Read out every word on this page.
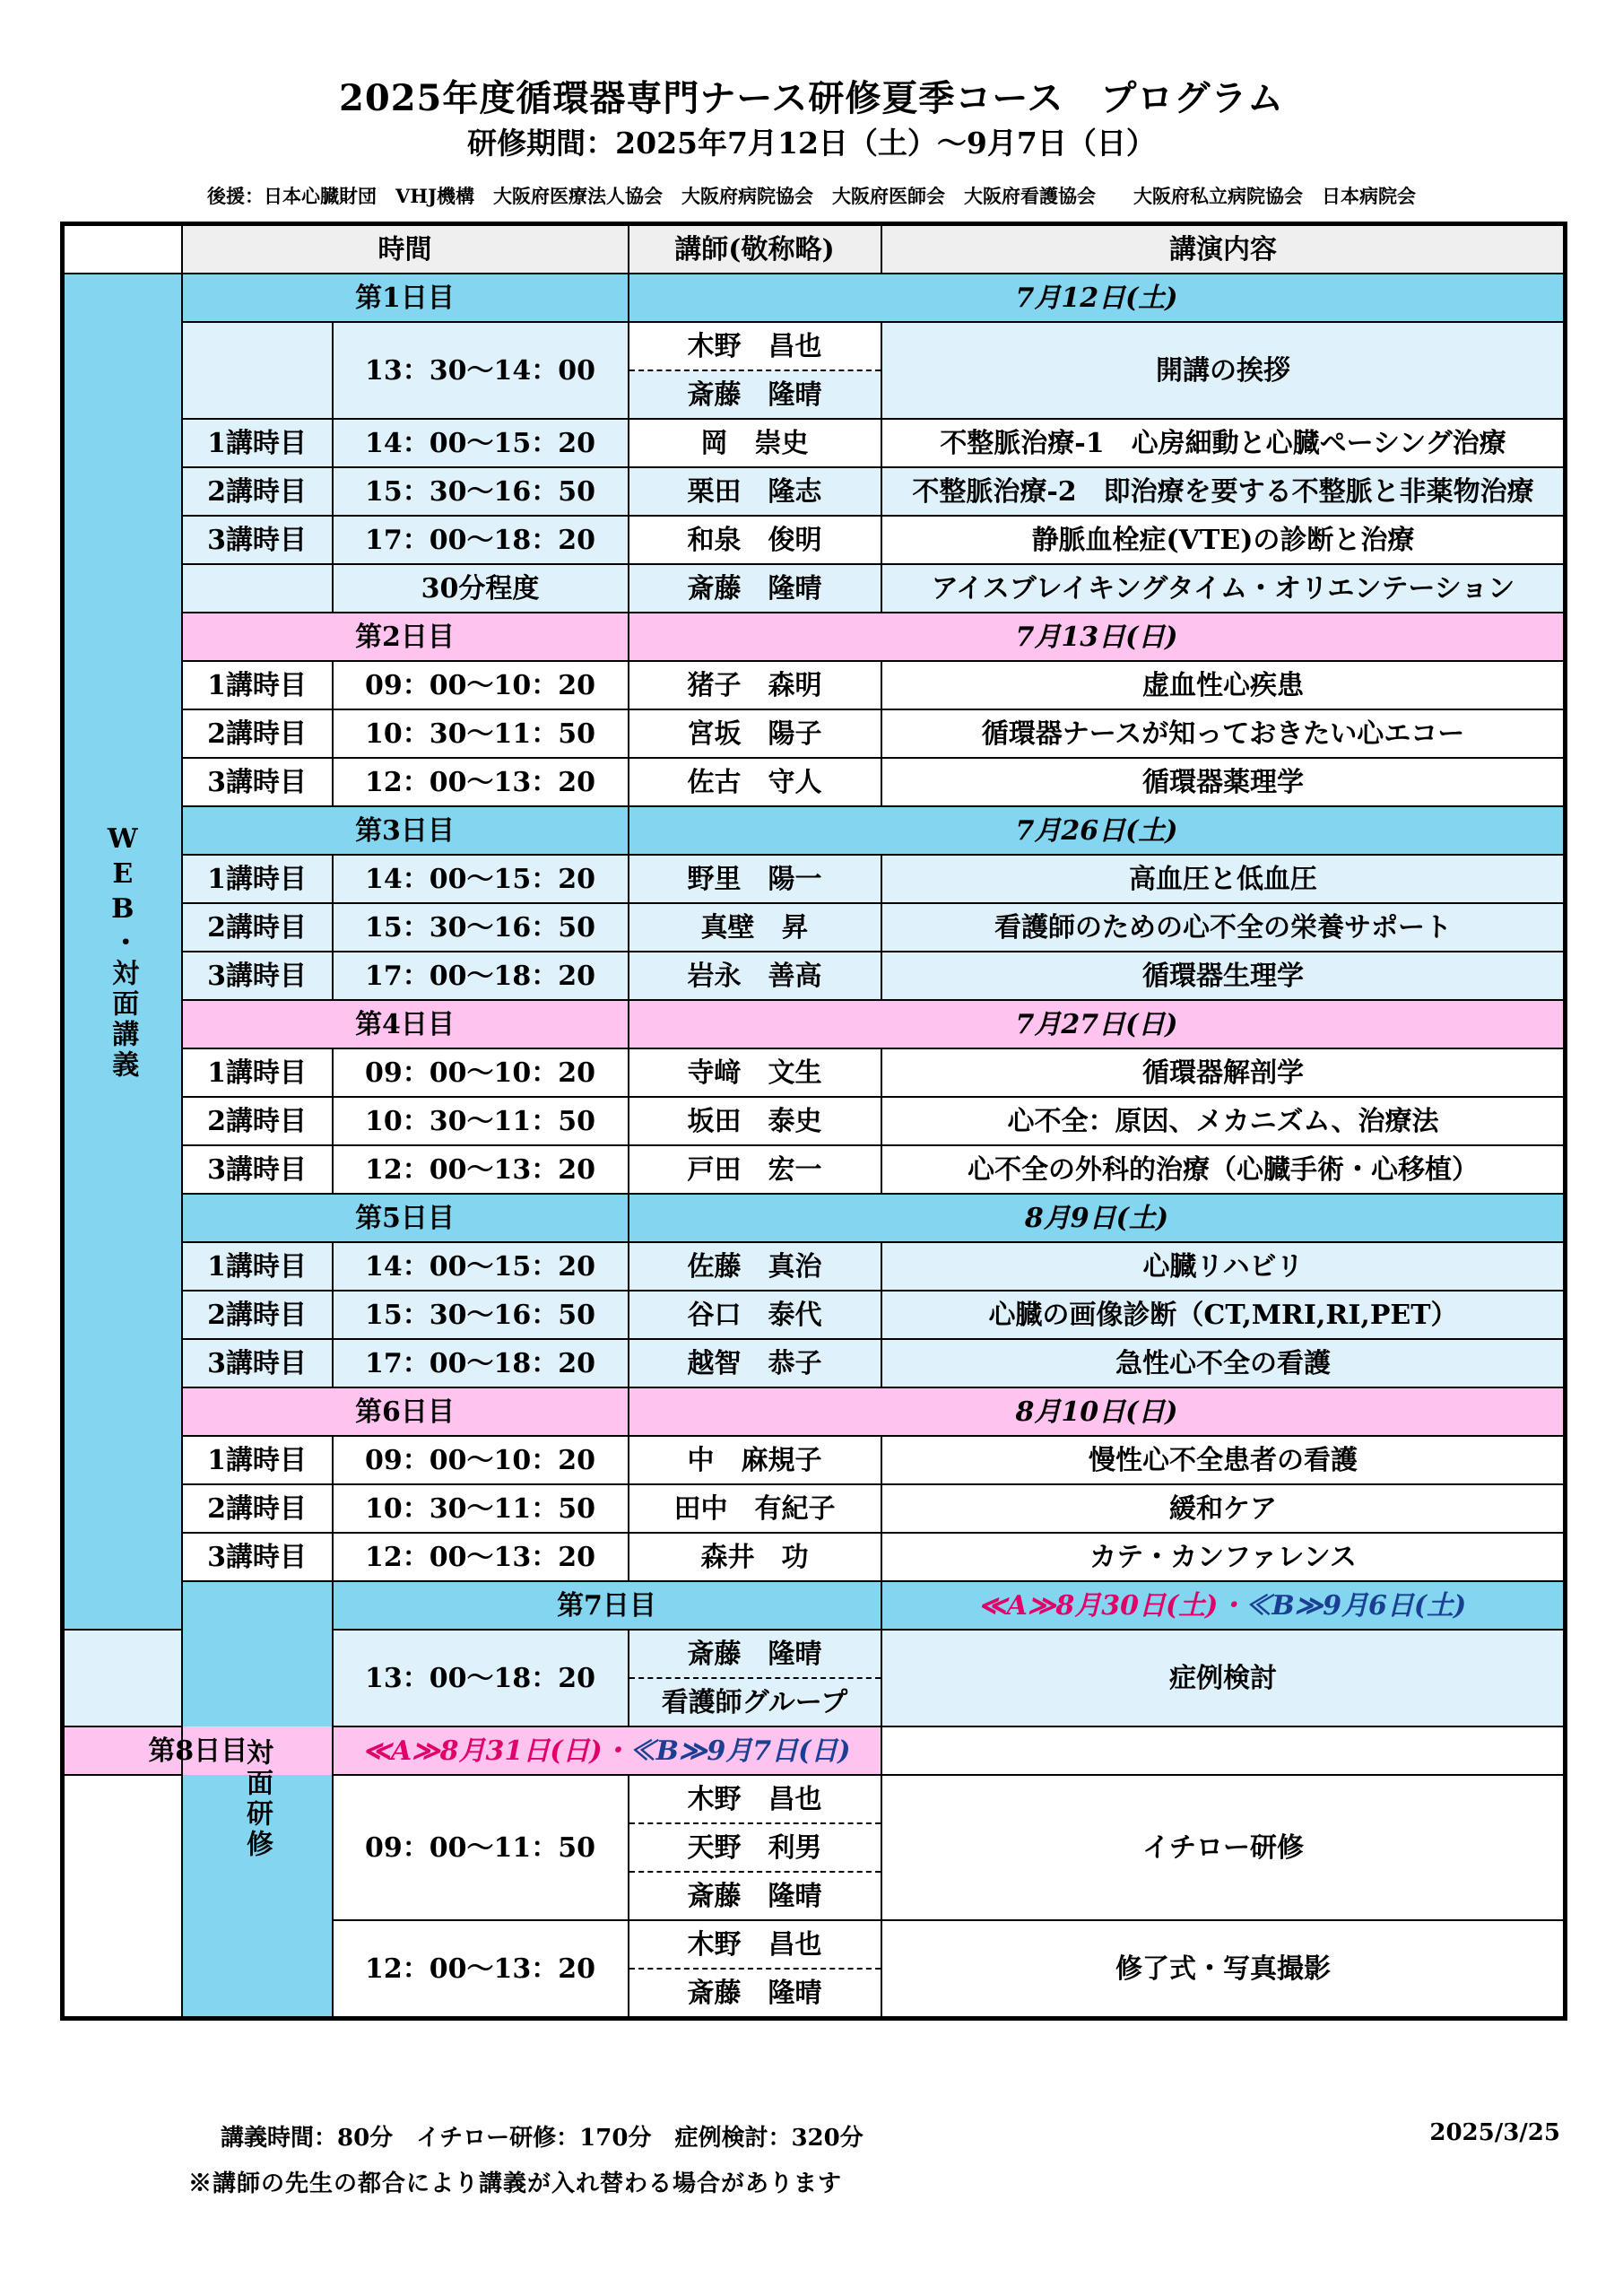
2025年度循環器専門ナース研修夏季コース　プログラム
研修期間：2025年7月12日（土）～9月7日（日）
後援：日本心臓財団　VHJ機構　大阪府医療法人協会　大阪府病院協会　大阪府医師会　大阪府看護協会　　大阪府私立病院協会　日本病院会
	時間		講師(敬称略)	講演内容
WEB・対面講義	第1日目		7月12日(土)	
		13：30～14：00	木野　昌也	開講の挨拶
			斎藤　隆晴	
	1講時目	14：00～15：20	岡　崇史	不整脈治療-1　心房細動と心臓ペーシング治療
	2講時目	15：30～16：50	栗田　隆志	不整脈治療-2　即治療を要する不整脈と非薬物治療
	3講時目	17：00～18：20	和泉　俊明	静脈血栓症(VTE)の診断と治療
		30分程度	斎藤　隆晴	アイスブレイキングタイム・オリエンテーション
	第2日目		7月13日(日)	
	1講時目	09：00～10：20	猪子　森明	虚血性心疾患
	2講時目	10：30～11：50	宮坂　陽子	循環器ナースが知っておきたい心エコー
	3講時目	12：00～13：20	佐古　守人	循環器薬理学
	第3日目		7月26日(土)	
	1講時目	14：00～15：20	野里　陽一	高血圧と低血圧
	2講時目	15：30～16：50	真壁　昇	看護師のための心不全の栄養サポート
	3講時目	17：00～18：20	岩永　善高	循環器生理学
	第4日目		7月27日(日)	
	1講時目	09：00～10：20	寺﨑　文生	循環器解剖学
	2講時目	10：30～11：50	坂田　泰史	心不全：原因、メカニズム、治療法
	3講時目	12：00～13：20	戸田　宏一	心不全の外科的治療（心臓手術・心移植）
	第5日目		8月9日(土)	
	1講時目	14：00～15：20	佐藤　真治	心臓リハビリ
	2講時目	15：30～16：50	谷口　泰代	心臓の画像診断（CT,MRI,RI,PET）
	3講時目	17：00～18：20	越智　恭子	急性心不全の看護
	第6日目		8月10日(日)	
	1講時目	09：00～10：20	中　麻規子	慢性心不全患者の看護
	2講時目	10：30～11：50	田中　有紀子	緩和ケア
	3講時目	12：00～13：20	森井　功	カテ・カンファレンス
	対面研修	第7日目		≪A≫8月30日(土)・≪B≫9月6日(土)
		13：00～18：20	斎藤　隆晴	症例検討
			看護師グループ	
第8日目		≪A≫8月31日(日)・≪B≫9月7日(日)		
		09：00～11：50	木野　昌也	イチロー研修
			天野　利男	
			斎藤　隆晴	
		12：00～13：20	木野　昌也	修了式・写真撮影
			斎藤　隆晴	
講義時間：80分　イチロー研修：170分　症例検討：320分	2025/3/25
※講師の先生の都合により講義が入れ替わる場合があります
